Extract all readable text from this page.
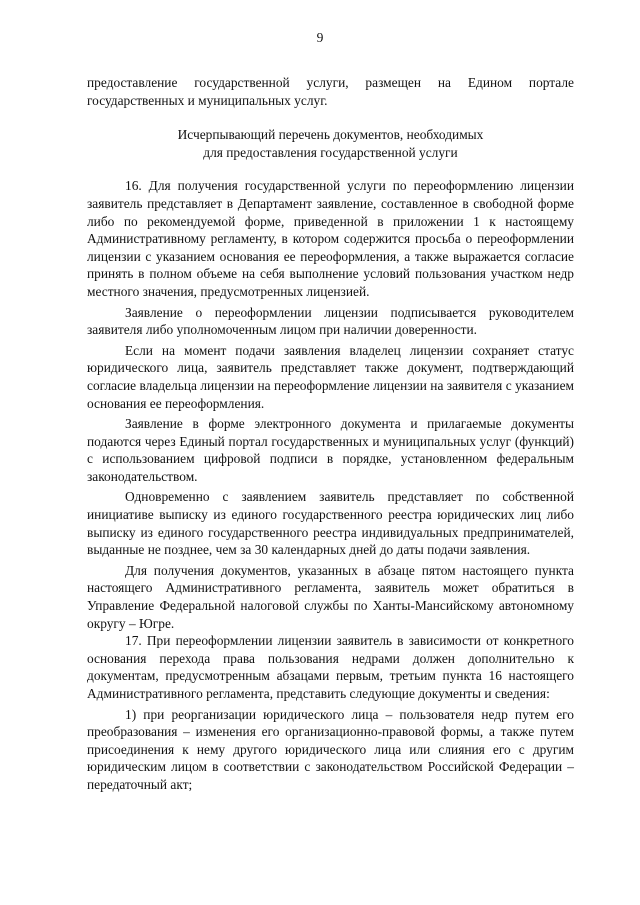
9

предоставление государственной услуги, размещен на Едином портале государственных и муниципальных услуг.

Исчерпывающий перечень документов, необходимых
для предоставления государственной услуги

16. Для получения государственной услуги по переоформлению лицензии заявитель представляет в Департамент заявление, составленное в свободной форме либо по рекомендуемой форме, приведенной в приложении 1 к настоящему Административному регламенту, в котором содержится просьба о переоформлении лицензии с указанием основания ее переоформления, а также выражается согласие принять в полном объеме на себя выполнение условий пользования участком недр местного значения, предусмотренных лицензией.

Заявление о переоформлении лицензии подписывается руководителем заявителя либо уполномоченным лицом при наличии доверенности.

Если на момент подачи заявления владелец лицензии сохраняет статус юридического лица, заявитель представляет также документ, подтверждающий согласие владельца лицензии на переоформление лицензии на заявителя с указанием основания ее переоформления.

Заявление в форме электронного документа и прилагаемые документы подаются через Единый портал государственных и муниципальных услуг (функций) с использованием цифровой подписи в порядке, установленном федеральным законодательством.

Одновременно с заявлением заявитель представляет по собственной инициативе выписку из единого государственного реестра юридических лиц либо выписку из единого государственного реестра индивидуальных предпринимателей, выданные не позднее, чем за 30 календарных дней до даты подачи заявления.

Для получения документов, указанных в абзаце пятом настоящего пункта настоящего Административного регламента, заявитель может обратиться в Управление Федеральной налоговой службы по Ханты-Мансийскому автономному округу – Югре.

17. При переоформлении лицензии заявитель в зависимости от конкретного основания перехода права пользования недрами должен дополнительно к документам, предусмотренным абзацами первым, третьим пункта 16 настоящего Административного регламента, представить следующие документы и сведения:

1) при реорганизации юридического лица – пользователя недр путем его преобразования – изменения его организационно-правовой формы, а также путем присоединения к нему другого юридического лица или слияния его с другим юридическим лицом в соответствии с законодательством Российской Федерации – передаточный акт;
